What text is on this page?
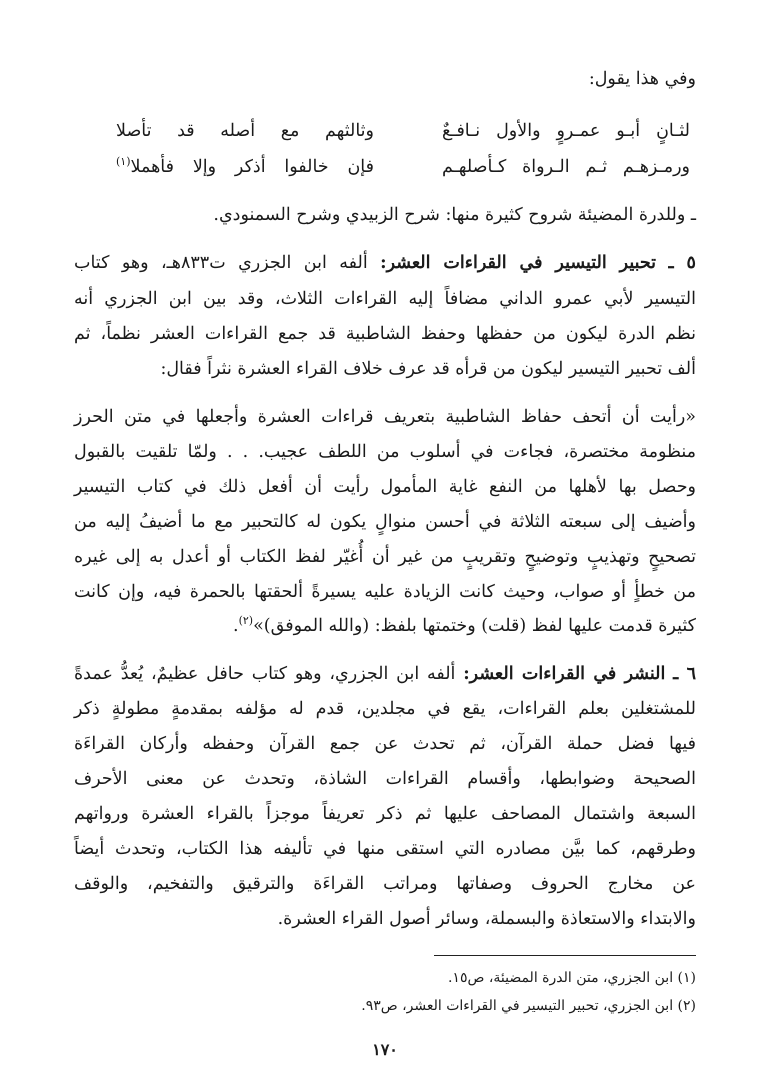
وفي هذا يقول:
لثـانٍ أبـو عمـروٍ والأول نـافـعٌ
وثالثهم مع أصله قد تأصلا
ورمـزهـم ثـم الـرواة كـأصلهـم
فإن خالفوا أذكر وإلا فأهملا$^{(١)}$
ـ وللدرة المضيئة شروح كثيرة منها: شرح الزبيدي وشرح السمنودي.
٥ ـ تحبير التيسير في القراءات العشر: ألفه ابن الجزري ت٨٣٣هـ، وهو كتاب
التيسير لأبي عمرو الداني مضافاً إليه القراءات الثلاث، وقد بين ابن الجزري أنه
نظم الدرة ليكون من حفظها وحفظ الشاطبية قد جمع القراءات العشر نظماً، ثم
ألف تحبير التيسير ليكون من قرأه قد عرف خلاف القراء العشرة نثراً فقال:
«رأيت أن أتحف حفاظ الشاطبية بتعريف قراءات العشرة وأجعلها في متن الحرز
منظومة مختصرة، فجاءت في أسلوب من اللطف عجيب. . . ولمّا تلقيت بالقبول
وحصل بها لأهلها من النفع غاية المأمول رأيت أن أفعل ذلك في كتاب التيسير
وأضيف إلى سبعته الثلاثة في أحسن منوالٍ يكون له كالتحبير مع ما أضيفُ إليه من
تصحيحٍ وتهذيبٍ وتوضيحٍ وتقريبٍ من غير أن أُغيّر لفظ الكتاب أو أعدل به إلى غيره
من خطأٍ أو صواب، وحيث كانت الزيادة عليه يسيرةً ألحقتها بالحمرة فيه، وإن كانت
كثيرة قدمت عليها لفظ (قلت) وختمتها بلفظ: (والله الموفق)»$^{(٢)}$.
٦ ـ النشر في القراءات العشر: ألفه ابن الجزري، وهو كتاب حافل عظيمٌ، يُعدُّ عمدةً
للمشتغلين بعلم القراءات، يقع في مجلدين، قدم له مؤلفه بمقدمةٍ مطولةٍ ذكر
فيها فضل حملة القرآن، ثم تحدث عن جمع القرآن وحفظه وأركان القراءَة
الصحيحة وضوابطها، وأقسام القراءات الشاذة، وتحدث عن معنى الأحرف
السبعة واشتمال المصاحف عليها ثم ذكر تعريفاً موجزاً بالقراء العشرة ورواتهم
وطرقهم، كما بيَّن مصادره التي استقى منها في تأليفه هذا الكتاب، وتحدث أيضاً
عن مخارج الحروف وصفاتها ومراتب القراءَة والترقيق والتفخيم، والوقف
والابتداء والاستعاذة والبسملة، وسائر أصول القراء العشرة.
(١) ابن الجزري، متن الدرة المضيئة، ص١٥.
(٢) ابن الجزري، تحبير التيسير في القراءات العشر، ص٩٣.
١٧٠
